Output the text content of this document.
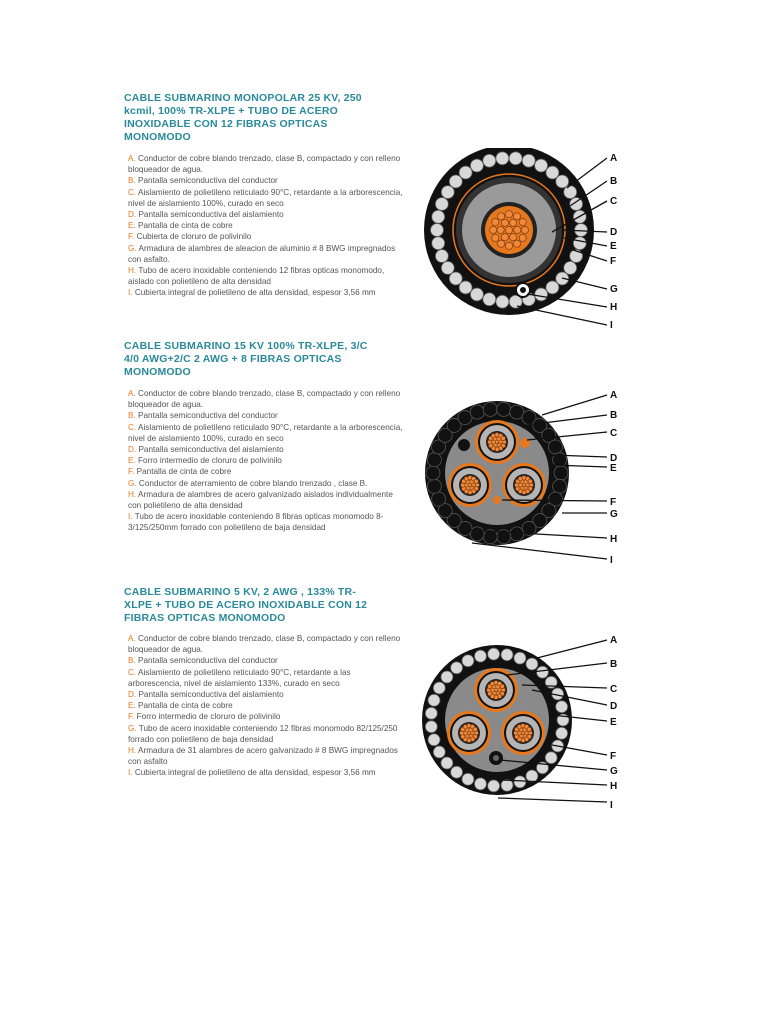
CABLE SUBMARINO MONOPOLAR 25 KV, 250 kcmil, 100% TR-XLPE + TUBO DE ACERO INOXIDABLE CON 12 FIBRAS OPTICAS MONOMODO
A. Conductor de cobre blando trenzado, clase B, compactado y con relleno bloqueador de agua.
B. Pantalla semiconductiva del conductor
C. Aislamiento de polietileno reticulado 90°C, retardante a la arborescencia, nivel de aislamiento 100%, curado en seco
D. Pantalla semiconductiva del aislamiento
E. Pantalla de cinta de cobre
F. Cubierta de cloruro de polivinilo
G. Armadura de alambres de aleacion de aluminio # 8 BWG impregnados con asfalto.
H. Tubo de acero inoxidable conteniendo 12 fibras opticas monomodo, aislado con polietileno de alta densidad
I. Cubierta integral de polietileno de alta densidad, espesor 3,56 mm
A
B
C
D
E
F
G
H
I
CABLE SUBMARINO 15 KV 100% TR-XLPE, 3/C 4/0 AWG+2/C 2 AWG + 8 FIBRAS OPTICAS MONOMODO
A. Conductor de cobre blando trenzado, clase B, compactado y con relleno bloqueador de agua.
B. Pantalla semiconductiva del conductor
C. Aislamiento de polietileno reticulado 90°C, retardante a la arborescencia, nivel de aislamiento 100%, curado en seco
D. Pantalla semiconductiva del aislamiento
E. Forro intermedio de cloruro de polivinilo
F. Pantalla de cinta de cobre
G. Conductor de aterramiento de cobre blando trenzado , clase B.
H. Armadura de alambres de acero galvanizado aislados individualmente con polietileno de alta densidad
I. Tubo de acero inoxidable conteniendo 8 fibras opticas monomodo 8-3/125/250mm forrado con polietileno de baja densidad
A
B
C
D
E
F
G
H
I
CABLE SUBMARINO 5 KV, 2 AWG , 133% TR-XLPE + TUBO DE ACERO INOXIDABLE CON 12 FIBRAS OPTICAS MONOMODO
A. Conductor de cobre blando trenzado, clase B, compactado y con relleno bloqueador de agua.
B. Pantalla semiconductiva del conductor
C. Aislamiento de polietileno reticulado 90°C, retardante a las arborescencia, nivel de aislamiento 133%, curado en seco
D. Pantalla semiconductiva del aislamiento
E. Pantalla de cinta de cobre
F. Forro intermedio de cloruro de polivinilo
G. Tubo de acero inoxidable conteniendo 12 fibras monomodo 82/125/250 forrado con polietileno de baja densidad
H. Armadura de 31 alambres de acero galvanizado # 8 BWG impregnados con asfalto
I. Cubierta integral de polietileno de alta densidad, espesor 3,56 mm
A
B
C
D
E
F
G
H
I
